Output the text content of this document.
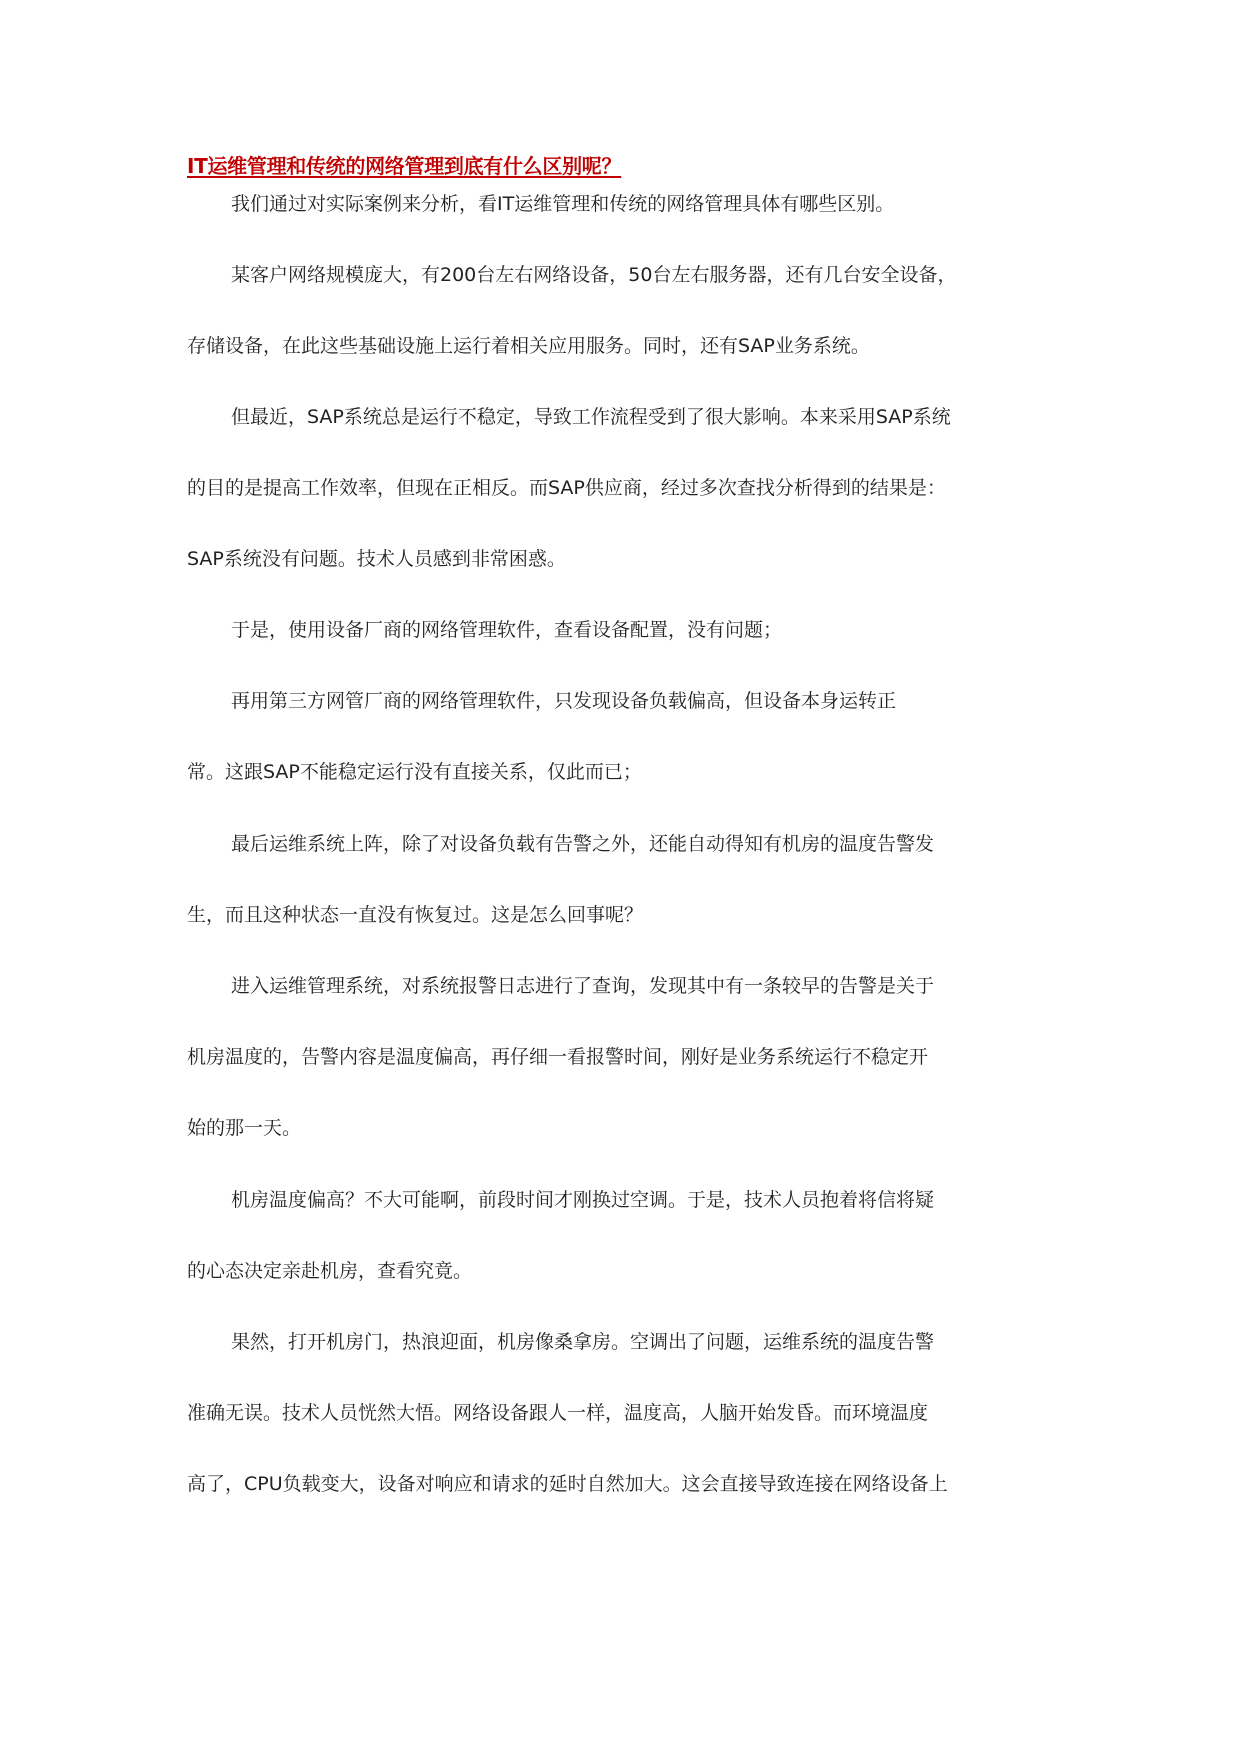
IT运维管理和传统的网络管理到底有什么区别呢？
我们通过对实际案例来分析，看IT运维管理和传统的网络管理具体有哪些区别。
某客户网络规模庞大，有200台左右网络设备，50台左右服务器，还有几台安全设备，
存储设备，在此这些基础设施上运行着相关应用服务。同时，还有SAP业务系统。
但最近，SAP系统总是运行不稳定，导致工作流程受到了很大影响。本来采用SAP系统
的目的是提高工作效率，但现在正相反。而SAP供应商，经过多次查找分析得到的结果是：
SAP系统没有问题。技术人员感到非常困惑。
于是，使用设备厂商的网络管理软件，查看设备配置，没有问题；
再用第三方网管厂商的网络管理软件，只发现设备负载偏高，但设备本身运转正
常。这跟SAP不能稳定运行没有直接关系，仅此而已；
最后运维系统上阵，除了对设备负载有告警之外，还能自动得知有机房的温度告警发
生，而且这种状态一直没有恢复过。这是怎么回事呢？
进入运维管理系统，对系统报警日志进行了查询，发现其中有一条较早的告警是关于
机房温度的，告警内容是温度偏高，再仔细一看报警时间，刚好是业务系统运行不稳定开
始的那一天。
机房温度偏高？不大可能啊，前段时间才刚换过空调。于是，技术人员抱着将信将疑
的心态决定亲赴机房，查看究竟。
果然，打开机房门，热浪迎面，机房像桑拿房。空调出了问题，运维系统的温度告警
准确无误。技术人员恍然大悟。网络设备跟人一样，温度高，人脑开始发昏。而环境温度
高了，CPU负载变大，设备对响应和请求的延时自然加大。这会直接导致连接在网络设备上
